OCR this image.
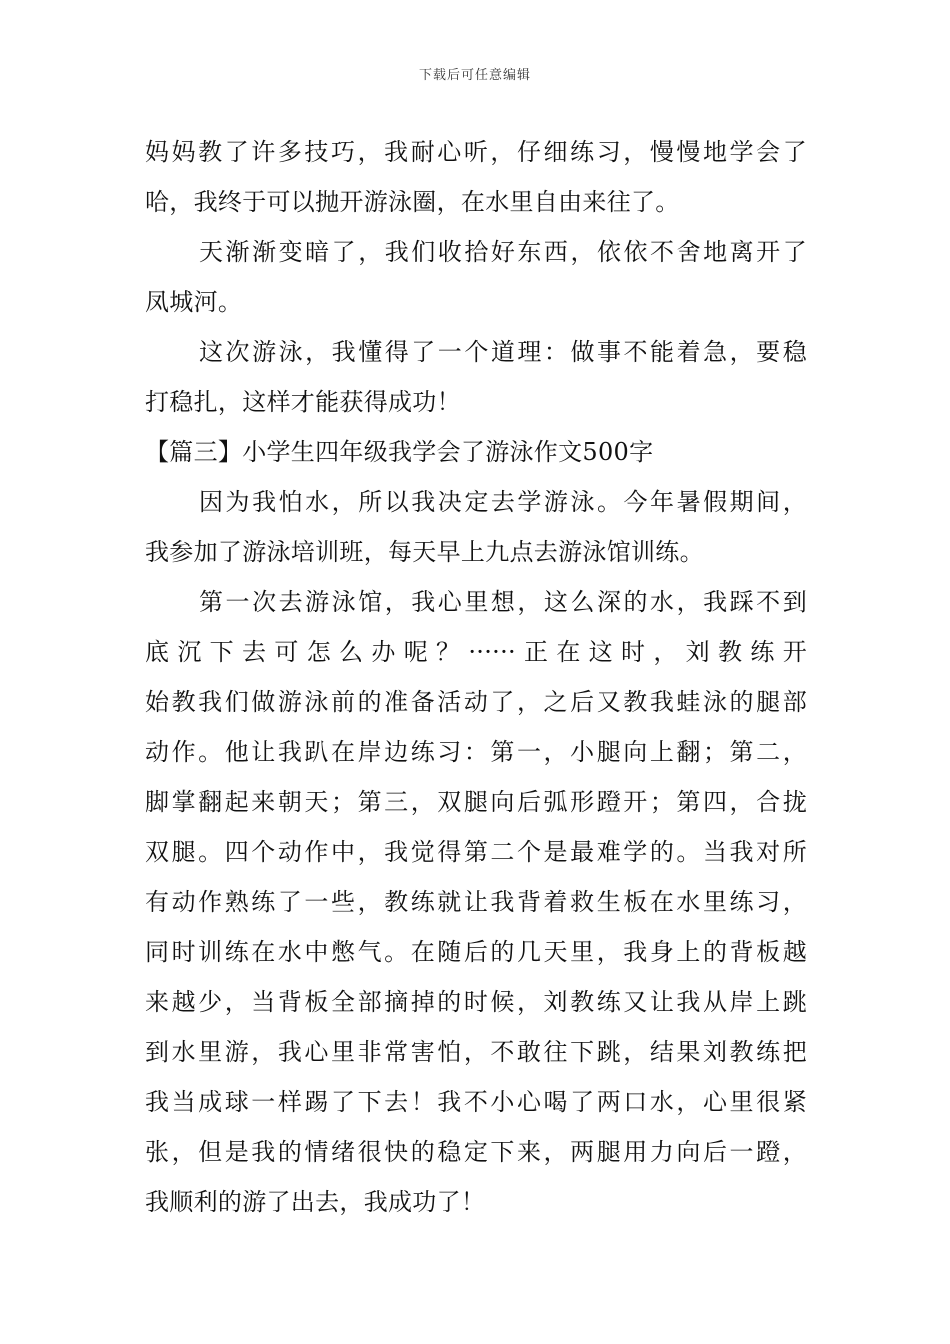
下载后可任意编辑
妈妈教了许多技巧，我耐心听，仔细练习，慢慢地学会了
哈，我终于可以抛开游泳圈，在水里自由来往了。
天渐渐变暗了，我们收拾好东西，依依不舍地离开了
凤城河。
这次游泳，我懂得了一个道理：做事不能着急，要稳
打稳扎，这样才能获得成功！
【篇三】小学生四年级我学会了游泳作文500字
因为我怕水，所以我决定去学游泳。今年暑假期间，
我参加了游泳培训班，每天早上九点去游泳馆训练。
第一次去游泳馆，我心里想，这么深的水，我踩不到
底沉下去可怎么办呢？······正在这时，刘教练开
始教我们做游泳前的准备活动了，之后又教我蛙泳的腿部
动作。他让我趴在岸边练习：第一，小腿向上翻；第二，
脚掌翻起来朝天；第三，双腿向后弧形蹬开；第四，合拢
双腿。四个动作中，我觉得第二个是最难学的。当我对所
有动作熟练了一些，教练就让我背着救生板在水里练习，
同时训练在水中憋气。在随后的几天里，我身上的背板越
来越少，当背板全部摘掉的时候，刘教练又让我从岸上跳
到水里游，我心里非常害怕，不敢往下跳，结果刘教练把
我当成球一样踢了下去！我不小心喝了两口水，心里很紧
张，但是我的情绪很快的稳定下来，两腿用力向后一蹬，
我顺利的游了出去，我成功了！
